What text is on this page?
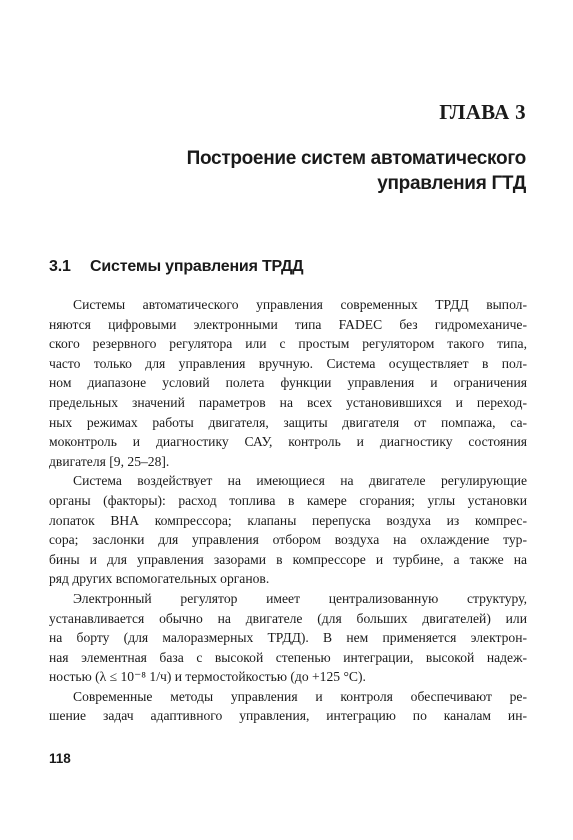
ГЛАВА 3
Построение систем автоматического
управления ГТД
3.1 Системы управления ТРДД
Системы автоматического управления современных ТРДД выпол-
няются цифровыми электронными типа FADEC без гидромеханиче-
ского резервного регулятора или с простым регулятором такого типа,
часто только для управления вручную. Система осуществляет в пол-
ном диапазоне условий полета функции управления и ограничения
предельных значений параметров на всех установившихся и переход-
ных режимах работы двигателя, защиты двигателя от помпажа, са-
моконтроль и диагностику САУ, контроль и диагностику состояния
двигателя [9, 25–28].
Система воздействует на имеющиеся на двигателе регулирующие
органы (факторы): расход топлива в камере сгорания; углы установки
лопаток ВНА компрессора; клапаны перепуска воздуха из компрес-
сора; заслонки для управления отбором воздуха на охлаждение тур-
бины и для управления зазорами в компрессоре и турбине, а также на
ряд других вспомогательных органов.
Электронный регулятор имеет централизованную структуру,
устанавливается обычно на двигателе (для больших двигателей) или
на борту (для малоразмерных ТРДД). В нем применяется электрон-
ная элементная база с высокой степенью интеграции, высокой надеж-
ностью (λ ≤ 10⁻⁸ 1/ч) и термостойкостью (до +125 °C).
Современные методы управления и контроля обеспечивают ре-
шение задач адаптивного управления, интеграцию по каналам ин-
118
